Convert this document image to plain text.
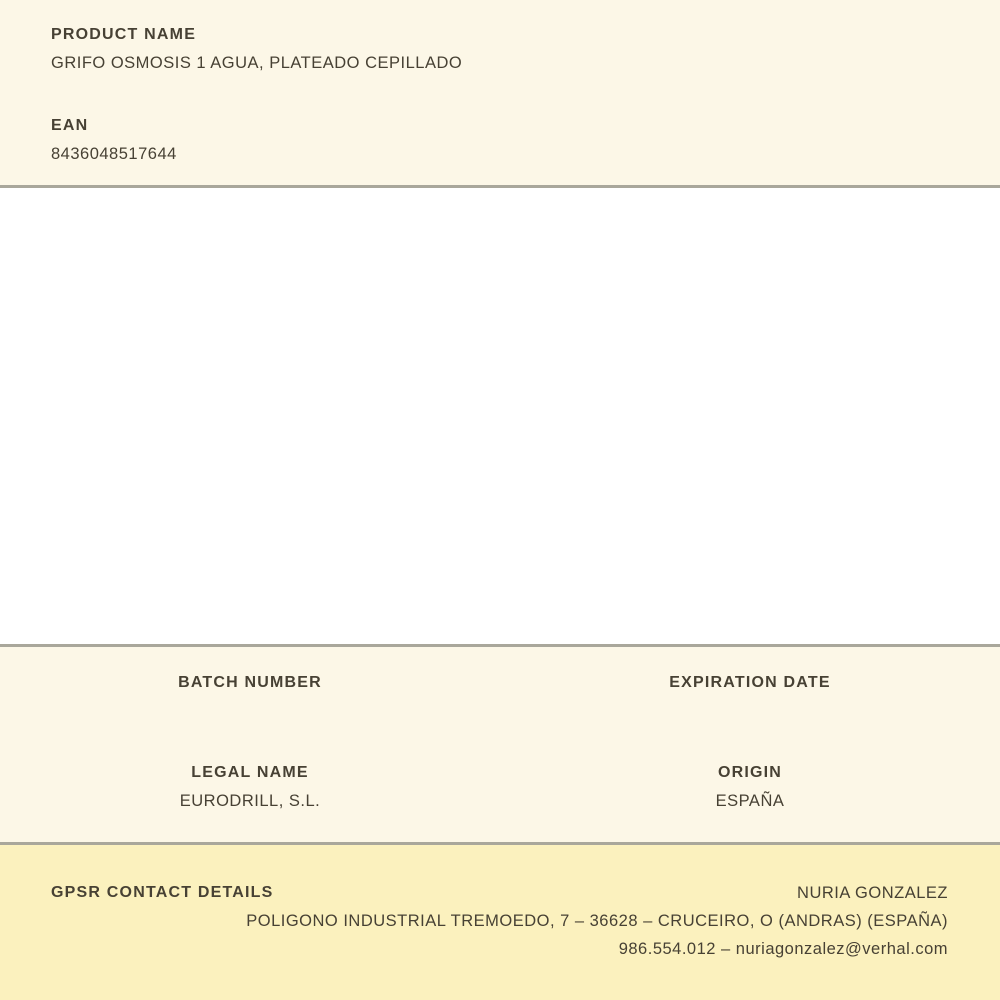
PRODUCT NAME
GRIFO OSMOSIS 1 AGUA, PLATEADO CEPILLADO
EAN
8436048517644
BATCH NUMBER
LEGAL NAME
EURODRILL, S.L.
EXPIRATION DATE
ORIGIN
ESPAÑA
GPSR CONTACT DETAILS	NURIA GONZALEZ
POLIGONO INDUSTRIAL TREMOEDO, 7 – 36628 – CRUCEIRO, O (ANDRAS) (ESPAÑA)
986.554.012 – nuriagonzalez@verhal.com
